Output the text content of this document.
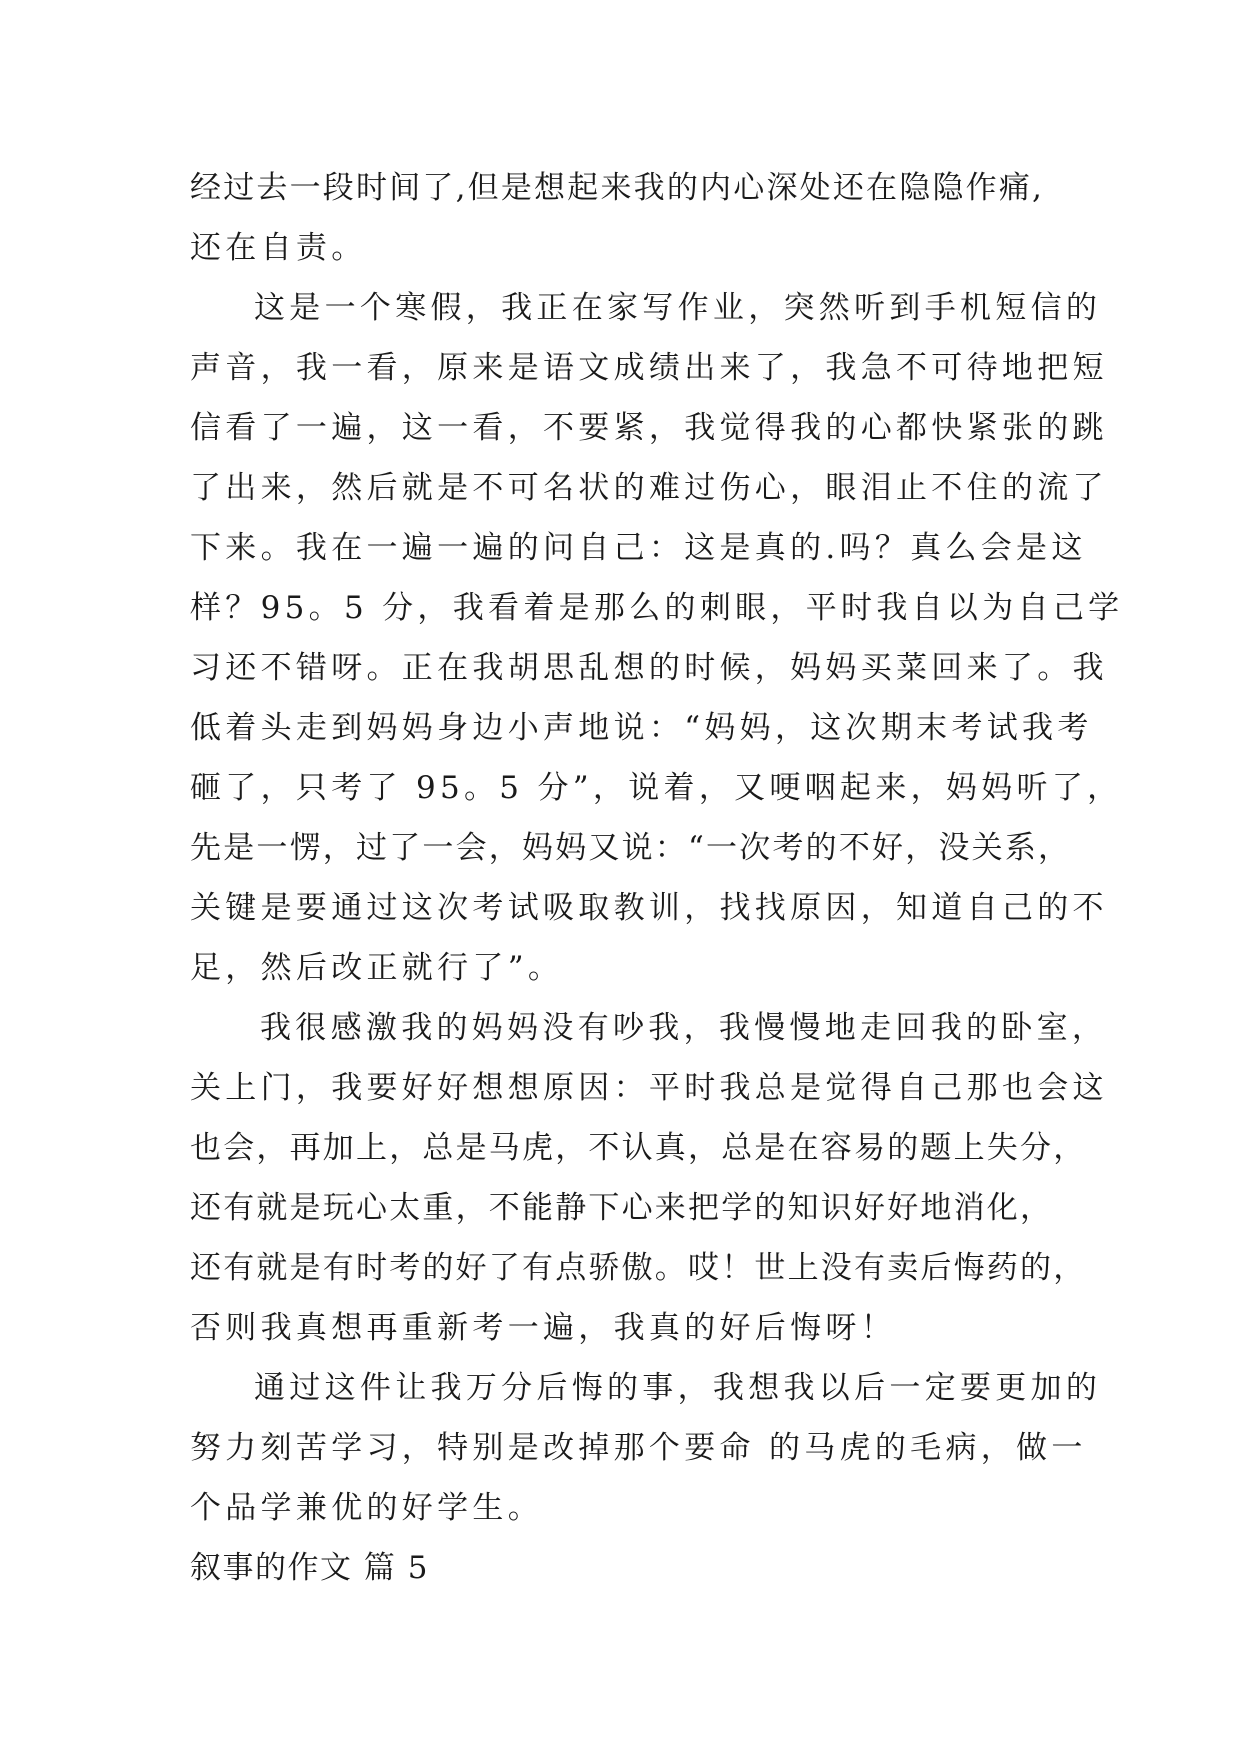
经过去一段时间了,但是想起来我的内心深处还在隐隐作痛,
还在自责。
这是一个寒假，我正在家写作业，突然听到手机短信的
声音，我一看，原来是语文成绩出来了，我急不可待地把短
信看了一遍，这一看，不要紧，我觉得我的心都快紧张的跳
了出来，然后就是不可名状的难过伤心，眼泪止不住的流了
下来。我在一遍一遍的问自己：这是真的.吗？真么会是这
样？95。5 分，我看着是那么的刺眼，平时我自以为自己学
习还不错呀。正在我胡思乱想的时候，妈妈买菜回来了。我
低着头走到妈妈身边小声地说：“妈妈，这次期末考试我考
砸了，只考了 95。5 分”，说着，又哽咽起来，妈妈听了，
先是一愣，过了一会，妈妈又说：“一次考的不好，没关系，
关键是要通过这次考试吸取教训，找找原因，知道自己的不
足，然后改正就行了”。
我很感激我的妈妈没有吵我，我慢慢地走回我的卧室，
关上门，我要好好想想原因：平时我总是觉得自己那也会这
也会，再加上，总是马虎，不认真，总是在容易的题上失分，
还有就是玩心太重，不能静下心来把学的知识好好地消化，
还有就是有时考的好了有点骄傲。哎！世上没有卖后悔药的，
否则我真想再重新考一遍，我真的好后悔呀！
通过这件让我万分后悔的事，我想我以后一定要更加的
努力刻苦学习，特别是改掉那个要命 的马虎的毛病，做一
个品学兼优的好学生。
叙事的作文 篇 5
